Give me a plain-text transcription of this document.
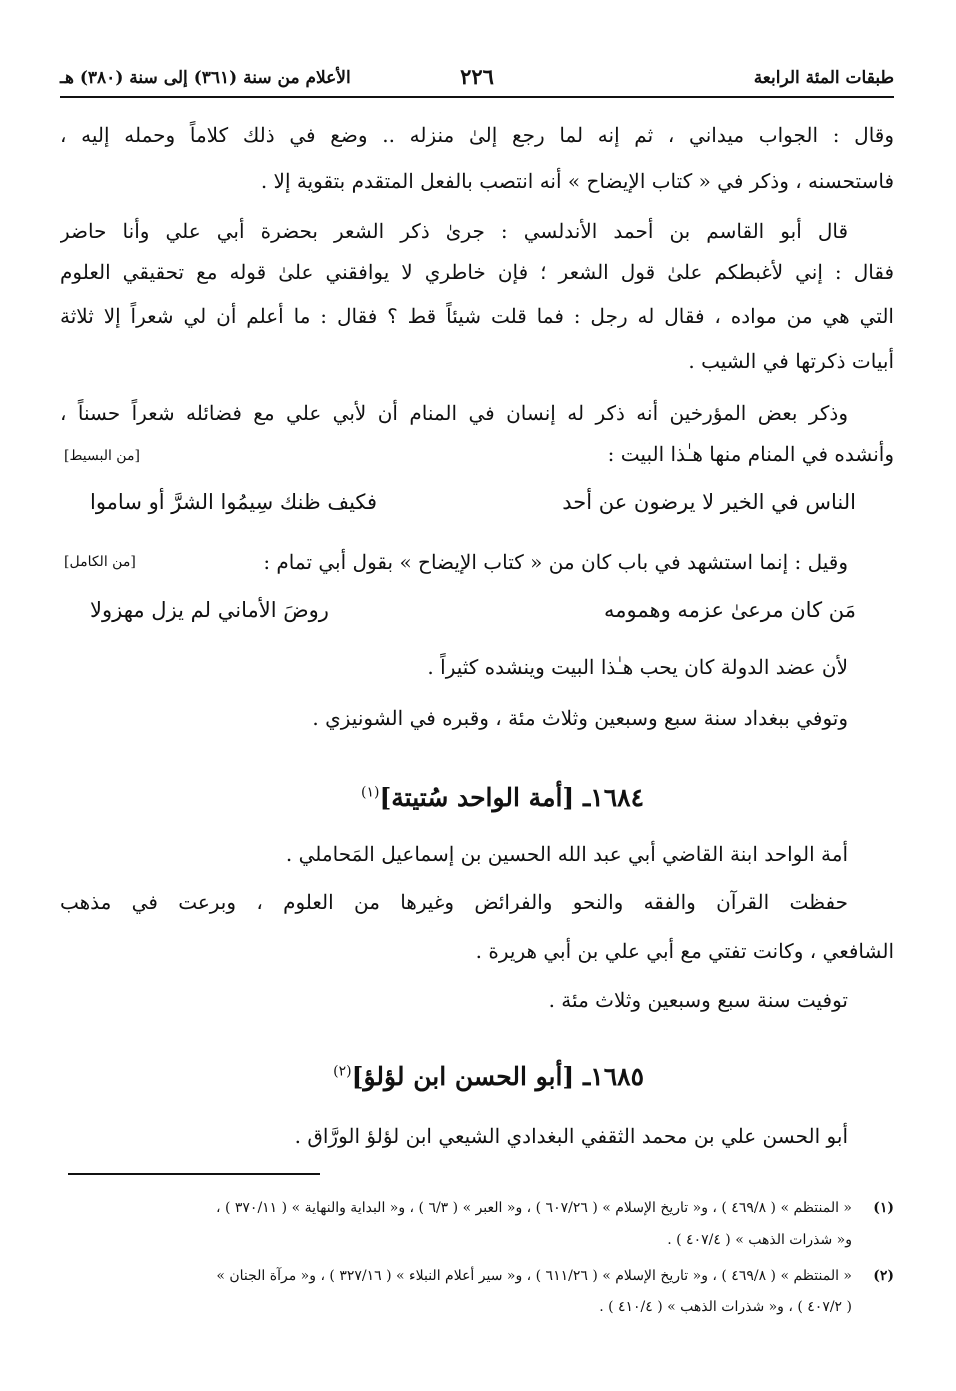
طبقات المئة الرابعة
٢٢٦
الأعلام من سنة (٣٦١) إلى سنة (٣٨٠) هـ
وقال : الجواب ميداني ، ثم إنه لما رجع إلىٰ منزله .. وضع في ذلك كلاماً وحمله إليه ،
فاستحسنه ، وذكر في « كتاب الإيضاح » أنه انتصب بالفعل المتقدم بتقوية إلا .
قال أبو القاسم بن أحمد الأندلسي : جرىٰ ذكر الشعر بحضرة أبي علي وأنا حاضر
فقال : إني لأغبطكم علىٰ قول الشعر ؛ فإن خاطري لا يوافقني علىٰ قوله مع تحقيقي العلوم
التي هي من مواده ، فقال له رجل : فما قلت شيئاً قط ؟ فقال : ما أعلم أن لي شعراً إلا ثلاثة
أبيات ذكرتها في الشيب .
وذكر بعض المؤرخين أنه ذكر له إنسان في المنام أن لأبي علي مع فضائله شعراً حسناً ،
وأنشده في المنام منها هـٰذا البيت :
[من البسيط]
الناس في الخير لا يرضون عن أحد
فكيف ظنك سِيمُوا الشرَّ أو ساموا
وقيل : إنما استشهد في باب كان من « كتاب الإيضاح » بقول أبي تمام :
[من الكامل]
مَن كان مرعىٰ عزمه وهمومه
روضَ الأماني لم يزل مهزولا
لأن عضد الدولة كان يحب هـٰذا البيت وينشده كثيراً .
وتوفي ببغداد سنة سبع وسبعين وثلاث مئة ، وقبره في الشونيزي .
١٦٨٤ـ [أمة الواحد سُتيتة]$^{(١)}$
أمة الواحد ابنة القاضي أبي عبد الله الحسين بن إسماعيل المَحاملي .
حفظت القرآن والفقه والنحو والفرائض وغيرها من العلوم ، وبرعت في مذهب
الشافعي ، وكانت تفتي مع أبي علي بن أبي هريرة .
توفيت سنة سبع وسبعين وثلاث مئة .
١٦٨٥ـ [أبو الحسن ابن لؤلؤ]$^{(٢)}$
أبو الحسن علي بن محمد الثقفي البغدادي الشيعي ابن لؤلؤ الورَّاق .
(١)
« المنتظم » ( ٤٦٩/٨ ) ، و« تاريخ الإسلام » ( ٦٠٧/٢٦ ) ، و« العبر » ( ٦/٣ ) ، و« البداية والنهاية » ( ٣٧٠/١١ ) ،
و« شذرات الذهب » ( ٤٠٧/٤ ) .
(٢)
« المنتظم » ( ٤٦٩/٨ ) ، و« تاريخ الإسلام » ( ٦١١/٢٦ ) ، و« سير أعلام النبلاء » ( ٣٢٧/١٦ ) ، و« مرآة الجنان »
( ٤٠٧/٢ ) ، و« شذرات الذهب » ( ٤١٠/٤ ) .
